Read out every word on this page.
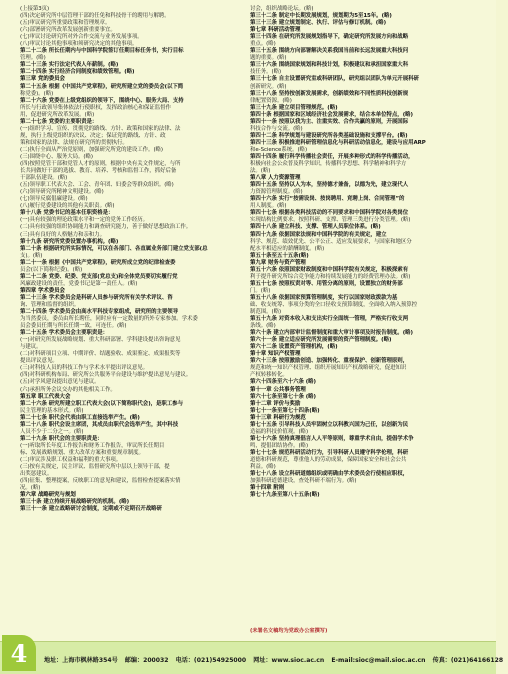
(上接第3页)
(四)决定研究所中层管理干部的任免和科技骨干的聘用与解聘。
(五)审议研究所重要政策和管理规章。
(六)部署研究所改革发展创新重要事宜。
(七)审议讨论研究所对外合作交流与业务发展事项。
(八)审议讨论其他事项和须研究决定的其他事项。
第二十二条 所长任期内与中国科学院签订任期目标任务书，实行目标
管理。(略)
第二十三条 实行法定代表人年薪制。(略)
第二十四条 实行经济合同制度和绩效管理。(略)
第三章 党的委员会
第二十五条 根据《中国共产党章程》，研究所建立党的委员会(以下简
称党委)。(略)
第二十六条 党委在上级党组织的领导下，围绕中心、服务大局、支持
所长与行政领导集体依法行使职权，发挥政治核心和保证监督作
用，促进研究所改革发展。(略)
第二十七条 党委的主要职责是：
(一)组织学习、宣传、贯彻党的路线、方针、政策和国家的法律、法
规，执行上级党组织的决议、决定；保证党的路线、方针、政
策和国家的法律、法规在研究所的贯彻执行。
(二)执行全面从严治党原则，加强研究所党的建设工作。(略)
(三)围绕中心、服务大局。(略)
(四)按照党管干部和党管人才的原则，根据中央有关文件规定，与所
长共同做好干部的选拔、教育、培养、考核和监督工作，抓好后备
干部队伍建设。(略)
(五)领导职工代表大会、工会、青年团、妇委会等群众组织。(略)
(六)领导研究所精神文明建设。(略)
(七)领导反腐倡廉建设。(略)
(八)履行党委建设的其他有关职责。(略)
第十八条 党委书记的基本任职资格是：
(一)具有较强的理论政策水平和一定的党务工作经历。
(二)具有较强的组织协调能力和调查研究能力，善于做好思想政治工作。
(三)具有良好的人格魅力和亲和力。
第十九条 研究所党委设置办事机构。(略)
第二十条 根据研究所实际情况，可以在各部门、各直属业务部门建立党支部(总
支)。(略)
第二十一条 根据《中国共产党章程》，研究所成立党的纪律检查委
员会(以下简称纪委)。(略)
第二十二条 党委、纪委、党支部(党总支)和全体党员要切实履行党
风廉政建设的责任，党委书记是第一责任人。(略)
第四章 学术委员会
第二十三条 学术委员会是科研人员参与研究所有关学术评议、咨
询、管理和监督的组织。
第二十四条 学术委员会由高水平科技专家组成，研究所的主要领导
为当然委员，委员由所长聘任，同时应有一定数量的所外专家参加。学术委
员会委员任期与所长任期一致，可连任。(略)
第二十五条 学术委员会主要职责是：
(一)对研究所发展战略规划、重大科研部署、学科建设提出咨询意见
与建议。
(二)对科研项目立项、中期评价、结题验收、成果鉴定、成果报奖等
提出评议意见。
(三)对科技人员的科技工作与学术水平提出评议意见。
(四)对科研机构布局、研究所公共服务平台建设与维护提出意见与建议。
(五)对学风建设提出意见与建议。
(六)承担所务会议交办的其他相关工作。
第五章 职工代表大会
第二十六条 研究所建立职工代表大会(以下简称职代会)，是职工参与
民主管理的基本形式。(略)
第二十七条 职代会代表由职工直接选举产生。(略)
第二十八条 职代会设主席团，其成员由职代会选举产生，其中科技
人员不少于二分之一。(略)
第二十九条 职代会的主要职责是：
(一)听取所长年度工作报告和财务工作报告，审议所长任期目
标、发展战略规划、重大改革方案和重要规章制度。
(二)审议涉及职工权益和福利的重大事项。
(三)按有关规定，民主评议、监督研究所中层以上领导干部，提
出奖惩建议。
(四)征集、整理提案，反映职工的意见和建议，监督检查提案落实情
况。(略)
第六章 战略研究与规划
第三十条 建立持续开展战略研究的机制。(略)
第三十一条 建立战略研讨会制度，定期或不定期召开战略研
讨会，组织战略论坛。(略)
第三十二条 制定中长期发展规划，规划期为5至15年。(略)
第三十三条 建立规划制定、执行、评估与修订机制。(略)
第七章 科研活动管理
第三十四条 在研究所发展规划指导下，确定研究所发展方向和战略
重点。(略)
第三十五条 围绕方向部署解决关系我国当前和长远发展重大科技问
题的重要。(略)
第三十六条 围绕国家规划和科技计划，积极建议和承担国家重大科
技任务。(略)
第三十七条 自主设置研究室或科研团队，研究组以团队为单元开展科研
创新研究。(略)
第三十八条 坚持按创新发展需求，创新绩效和不同性质科技创新规
律配置资源。(略)
第三十九条 建立项目管理规范。(略)
第四十条 根据国家和区域经济社会发展需求，结合本单位特点，(略)
第四十一条 按照以我为主、注重实效、合作共赢的原则，开展国际
科技合作与交流。(略)
第四十二条 科学规划与建设研究所各类基础设施和支撑平台。(略)
第四十三条 积极推进科研管理信息化与科研活动信息化，建设与应用ARP
和e-Science系统。(略)
第四十四条 履行科学传播社会责任，开展多种形式的科学传播活动，
积极向社会公众普及科学知识，传播科学思想、科学精神和科学方
法。(略)
第八章 人力资源管理
第四十五条 坚持以人为本，坚持德才兼备，以德为先，建立现代人
力资源管理制度。(略)
第四十六条 实行“按需设岗、按岗聘用、竞聘上岗、合同管理”的
用人制度。(略)
第四十七条 根据各类科技活动的不同要求和中国科学院对各类岗位
实现结构比例要求，按照科研、支撑、管理三类进行分类管理。(略)
第四十八条 建立科技、支撑、管理人员职位体系。(略)
第四十九条 依据国家法规和中国科学院的有关规定，建立
科学、规范、绩效优先、公平公正、适应发展要求，与国家和地区分
配水平相适应的薪酬制度。(略)
第五十条至五十五条(略)
第九章 财务与资产管理
第五十六条 依照国家财政制度和中国科学院有关规定，积极探索有
利于提升研究所综合竞争能力和持续发展能力的经费管理办法。(略)
第五十七条 按照权责对等、用管分离的原则，设置独立的财务部
门。(略)
第五十八条 依据国家预算管理制度，实行以国家财政拨款为基
础、收支统筹、事项分类的全口径收支预算制度，全面收入纳入预算控
制范围。(略)
第五十九条 对资本收入和支出实行全面统一管理，严格实行收支两
条线。(略)
第六十条 建立内部审计监督制度和重大审计事项及时报告制度。(略)
第六十一条 建立适应研究所发展需要的资产管理制度。(略)
第六十二条 设置资产管理机构，(略)
第十章 知识产权管理
第六十三条 按照激励创造、加强转化、重视保护、创新管理原则，
规范和统一知识产权管理、组织开展知识产权战略研究，促进知识
产权转移转化。
第六十四条至六十六条 (略)
第十一章 公共事务管理
第六十七条至第七十条 (略)
第十二章 评价与奖励
第七十一条至第七十四条(略)
第十三章 科研行为规范
第七十五条 引导科技人员牢固树立以科教兴国为己任，以创新为民
造福的科技价值观。(略)
第七十六条 坚持真理倡言人人平等原则，尊重学术自由，提倡学术争
鸣，提倡团结协作。(略)
第七十七条 规范科研活动行为，引导科研人员遵守科学伦理，科研
道德和科研规范，尊重他人的劳动成果，保障国家安全和社会公共
利益。(略)
第七十八条 设立科研道德组织或明确由学术委员会行使相应职权，
加强科研道德建设，查处科研不端行为。(略)
第十四章 附则
第七十九条至第八十五条(略)
(未署名文稿均为党政办公室撰写)
4	地址：上海市枫林路354号 邮编：200032 电话：(021)54925000 网址：www.sioc.ac.cn E-mail:sioc@mail.sioc.ac.cn 传真：(021)64166128
